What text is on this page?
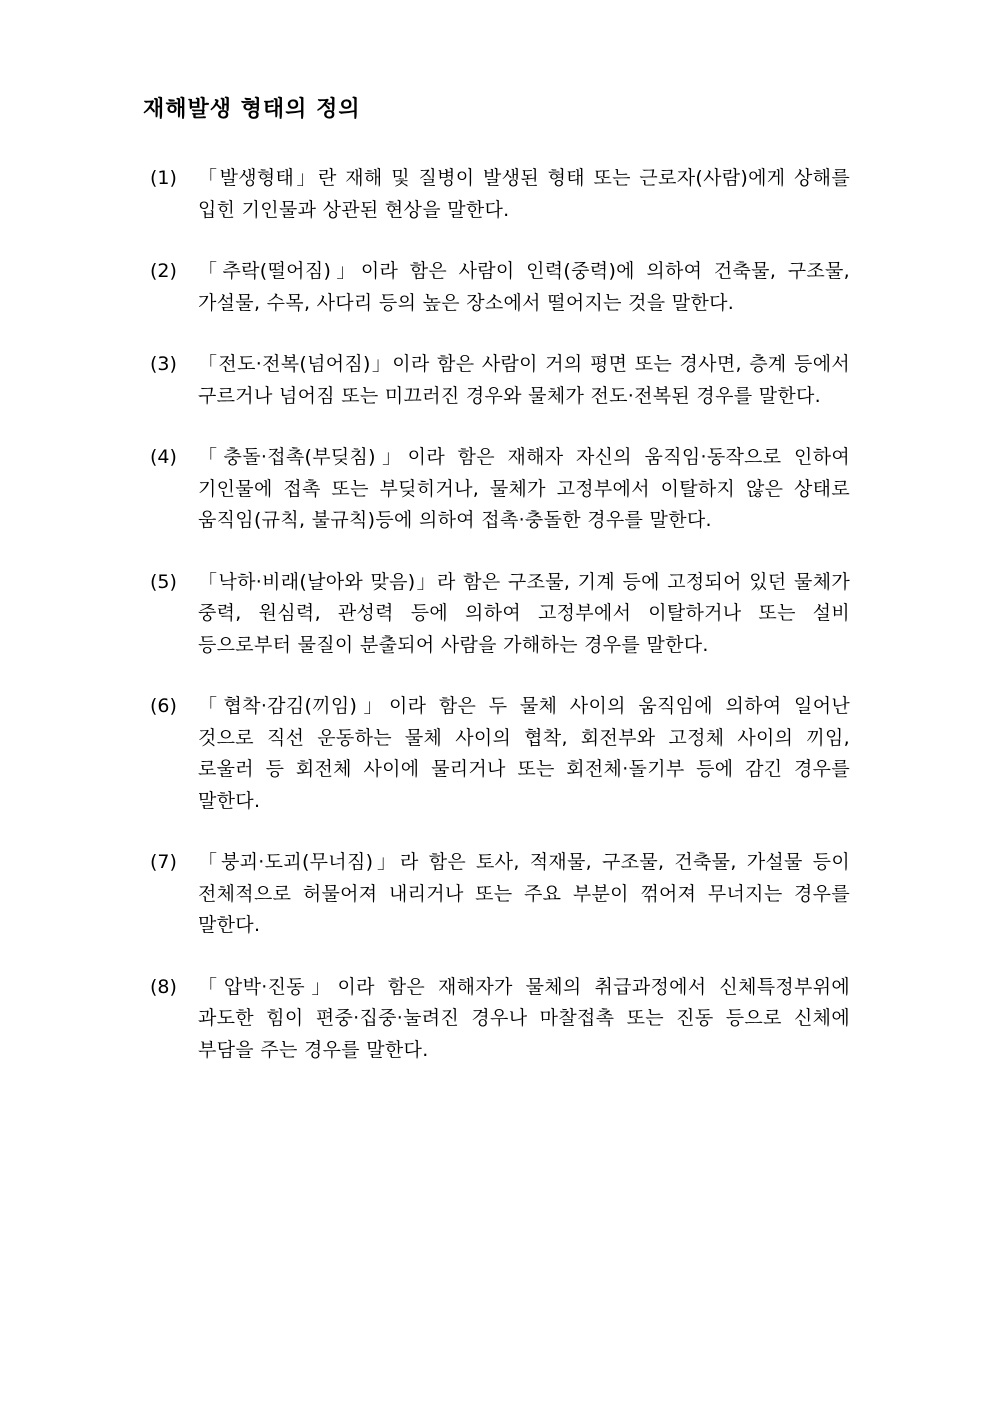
재해발생 형태의 정의
(1)	「발생형태」란 재해 및 질병이 발생된 형태 또는 근로자(사람)에게 상해를 입힌 기인물과 상관된 현상을 말한다.
(2)	「추락(떨어짐)」이라 함은 사람이 인력(중력)에 의하여 건축물, 구조물, 가설물, 수목, 사다리 등의 높은 장소에서 떨어지는 것을 말한다.
(3)	「전도·전복(넘어짐)」이라 함은 사람이 거의 평면 또는 경사면, 층계 등에서 구르거나 넘어짐 또는 미끄러진 경우와 물체가 전도·전복된 경우를 말한다.
(4)	「충돌·접촉(부딪침)」이라 함은 재해자 자신의 움직임·동작으로 인하여 기인물에 접촉 또는 부딪히거나, 물체가 고정부에서 이탈하지 않은 상태로 움직임(규칙, 불규칙)등에 의하여 접촉·충돌한 경우를 말한다.
(5)	「낙하·비래(날아와 맞음)」라 함은 구조물, 기계 등에 고정되어 있던 물체가 중력, 원심력, 관성력 등에 의하여 고정부에서 이탈하거나 또는 설비 등으로부터 물질이 분출되어 사람을 가해하는 경우를 말한다.
(6)	「협착·감김(끼임)」이라 함은 두 물체 사이의 움직임에 의하여 일어난 것으로 직선 운동하는 물체 사이의 협착, 회전부와 고정체 사이의 끼임, 로울러 등 회전체 사이에 물리거나 또는 회전체·돌기부 등에 감긴 경우를 말한다.
(7)	「붕괴·도괴(무너짐)」라 함은 토사, 적재물, 구조물, 건축물, 가설물 등이 전체적으로 허물어져 내리거나 또는 주요 부분이 꺾어져 무너지는 경우를 말한다.
(8)	「압박·진동」이라 함은 재해자가 물체의 취급과정에서 신체특정부위에 과도한 힘이 편중·집중·눌려진 경우나 마찰접촉 또는 진동 등으로 신체에 부담을 주는 경우를 말한다.
